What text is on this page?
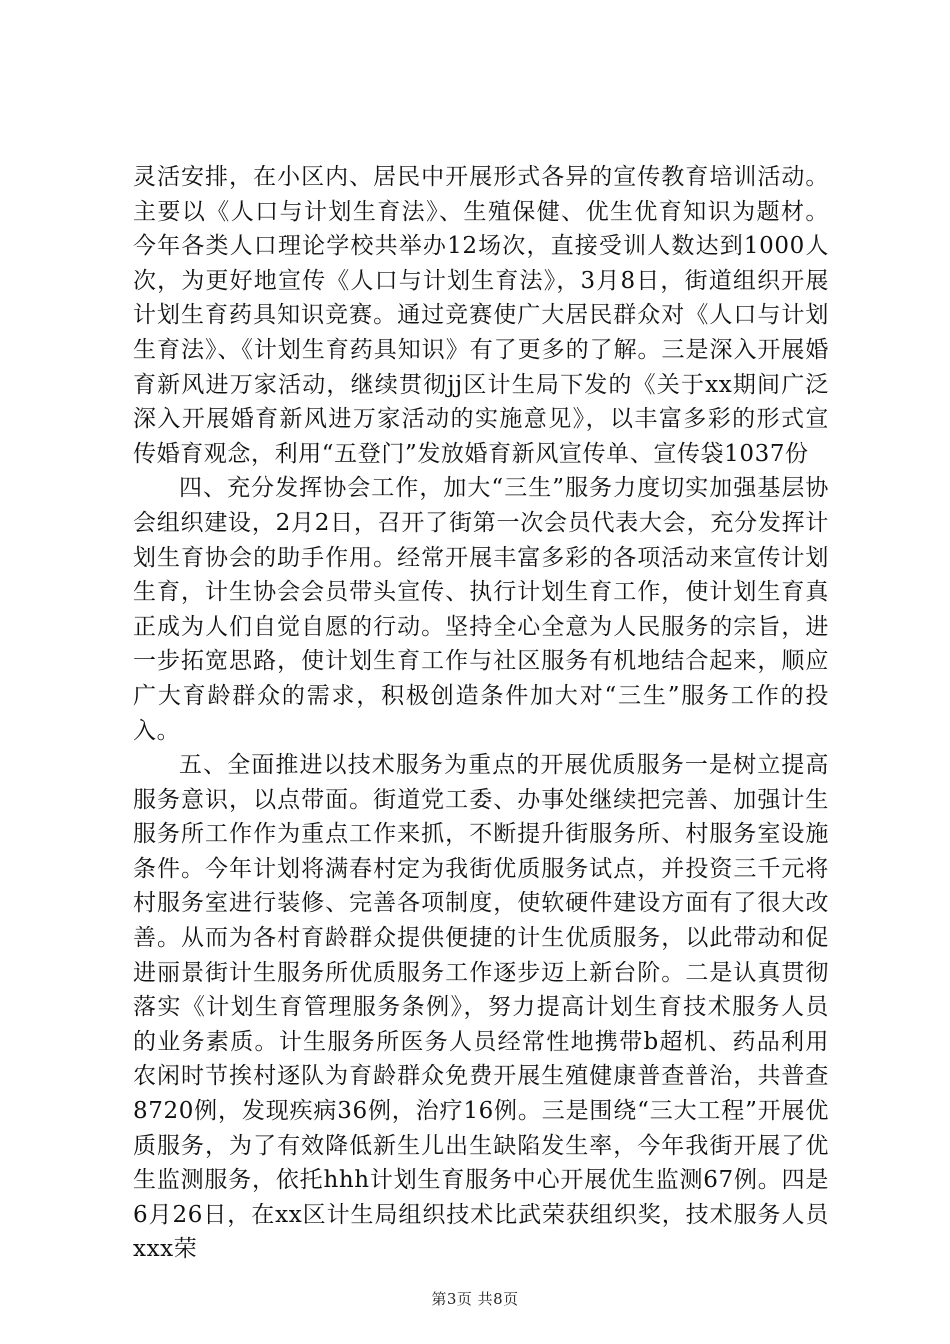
灵活安排，在小区内、居民中开展形式各异的宣传教育培训活动。主要以《人口与计划生育法》、生殖保健、优生优育知识为题材。今年各类人口理论学校共举办12场次，直接受训人数达到1000人次，为更好地宣传《人口与计划生育法》，3月8日，街道组织开展计划生育药具知识竞赛。通过竞赛使广大居民群众对《人口与计划生育法》、《计划生育药具知识》有了更多的了解。三是深入开展婚育新风进万家活动，继续贯彻jj区计生局下发的《关于xx期间广泛深入开展婚育新风进万家活动的实施意见》，以丰富多彩的形式宣传婚育观念，利用“五登门”发放婚育新风宣传单、宣传袋1037份

四、充分发挥协会工作，加大“三生”服务力度切实加强基层协会组织建设，2月2日，召开了街第一次会员代表大会，充分发挥计划生育协会的助手作用。经常开展丰富多彩的各项活动来宣传计划生育，计生协会会员带头宣传、执行计划生育工作，使计划生育真正成为人们自觉自愿的行动。坚持全心全意为人民服务的宗旨，进一步拓宽思路，使计划生育工作与社区服务有机地结合起来，顺应广大育龄群众的需求，积极创造条件加大对“三生”服务工作的投入。

五、全面推进以技术服务为重点的开展优质服务一是树立提高服务意识，以点带面。街道党工委、办事处继续把完善、加强计生服务所工作作为重点工作来抓，不断提升街服务所、村服务室设施条件。今年计划将满春村定为我街优质服务试点，并投资三千元将村服务室进行装修、完善各项制度，使软硬件建设方面有了很大改善。从而为各村育龄群众提供便捷的计生优质服务，以此带动和促进丽景街计生服务所优质服务工作逐步迈上新台阶。二是认真贯彻落实《计划生育管理服务条例》，努力提高计划生育技术服务人员的业务素质。计生服务所医务人员经常性地携带b超机、药品利用农闲时节挨村逐队为育龄群众免费开展生殖健康普查普治，共普查8720例，发现疾病36例，治疗16例。三是围绕“三大工程”开展优质服务，为了有效降低新生儿出生缺陷发生率，今年我街开展了优生监测服务，依托hhh计划生育服务中心开展优生监测67例。四是6月26日，在xx区计生局组织技术比武荣获组织奖，技术服务人员xxx荣

第3页 共8页
